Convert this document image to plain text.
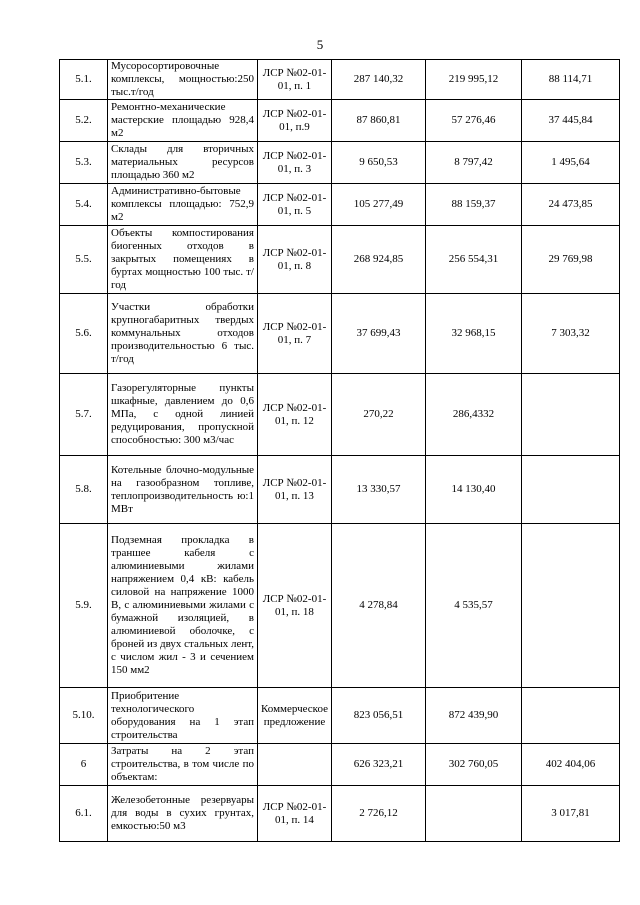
5
5.1.	Мусоросортировочные комплексы, мощностью:250 тыс.т/год	ЛСР №02-01-01, п. 1	287 140,32	219 995,12	88 114,71
5.2.	Ремонтно-механические мастерские площадью 928,4 м2	ЛСР №02-01-01, п.9	87 860,81	57 276,46	37 445,84
5.3.	Склады для вторичных материальных ресурсов площадью 360 м2	ЛСР №02-01-01, п. 3	9 650,53	8 797,42	1 495,64
5.4.	Административно-бытовые комплексы площадью: 752,9 м2	ЛСР №02-01-01, п. 5	105 277,49	88 159,37	24 473,85
5.5.	Объекты компостирования биогенных отходов в закрытых помещениях в буртах мощностью 100 тыс. т/год	ЛСР №02-01-01, п. 8	268 924,85	256 554,31	29 769,98
5.6.	Участки обработки крупногабаритных твердых коммунальных отходов производительностью 6 тыс. т/год	ЛСР №02-01-01, п. 7	37 699,43	32 968,15	7 303,32
5.7.	Газорегуляторные пункты шкафные, давлением до 0,6 МПа, с одной линией редуцирования, пропускной способностью: 300 м3/час	ЛСР №02-01-01, п. 12	270,22	286,4332	
5.8.	Котельные блочно-модульные на газообразном топливе, теплопроизводительность ю:1 МВт	ЛСР №02-01-01, п. 13	13 330,57	14 130,40	
5.9.	Подземная прокладка в траншее кабеля с алюминиевыми жилами напряжением 0,4 кВ: кабель силовой на напряжение 1000 В, с алюминиевыми жилами с бумажной изоляцией, в алюминиевой оболочке, с броней из двух стальных лент, с числом жил - 3 и сечением 150 мм2	ЛСР №02-01-01, п. 18	4 278,84	4 535,57	
5.10.	Приобритение технологического оборудования на 1 этап строительства	Коммерческое предложение	823 056,51	872 439,90	
6	Затраты на 2 этап строительства, в том числе по объектам:		626 323,21	302 760,05	402 404,06
6.1.	Железобетонные резервуары для воды в сухих грунтах, емкостью:50 м3	ЛСР №02-01-01, п. 14	2 726,12		3 017,81
